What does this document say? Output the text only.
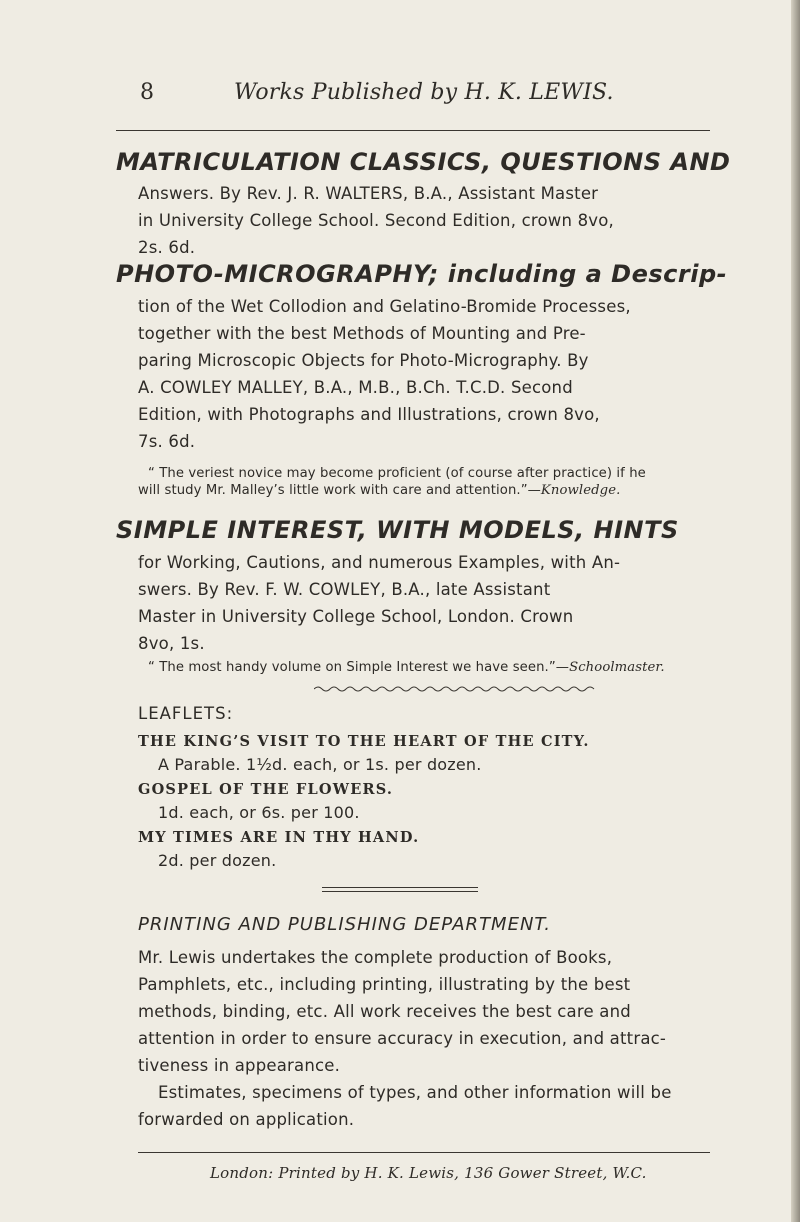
8	Works Published by H. K. LEWIS.
MATRICULATION CLASSICS, QUESTIONS AND
Answers. By Rev. J. R. WALTERS, B.A., Assistant Master
in University College School. Second Edition, crown 8vo,
2s. 6d.
PHOTO-MICROGRAPHY; including a Descrip-
tion of the Wet Collodion and Gelatino-Bromide Processes,
together with the best Methods of Mounting and Pre-
paring Microscopic Objects for Photo-Micrography. By
A. COWLEY MALLEY, B.A., M.B., B.Ch. T.C.D. Second
Edition, with Photographs and Illustrations, crown 8vo,
7s. 6d.
“ The veriest novice may become proficient (of course after practice) if he
will study Mr. Malley’s little work with care and attention.”—Knowledge.
SIMPLE INTEREST, WITH MODELS, HINTS
for Working, Cautions, and numerous Examples, with An-
swers. By Rev. F. W. COWLEY, B.A., late Assistant
Master in University College School, London. Crown
8vo, 1s.
“ The most handy volume on Simple Interest we have seen.”—Schoolmaster.
LEAFLETS:
THE KING’S VISIT TO THE HEART OF THE CITY.
A Parable. 1½d. each, or 1s. per dozen.
GOSPEL OF THE FLOWERS.
1d. each, or 6s. per 100.
MY TIMES ARE IN THY HAND.
2d. per dozen.
PRINTING AND PUBLISHING DEPARTMENT.
Mr. Lewis undertakes the complete production of Books,
Pamphlets, etc., including printing, illustrating by the best
methods, binding, etc. All work receives the best care and
attention in order to ensure accuracy in execution, and attrac-
tiveness in appearance.
Estimates, specimens of types, and other information will be
forwarded on application.
London: Printed by H. K. Lewis, 136 Gower Street, W.C.
